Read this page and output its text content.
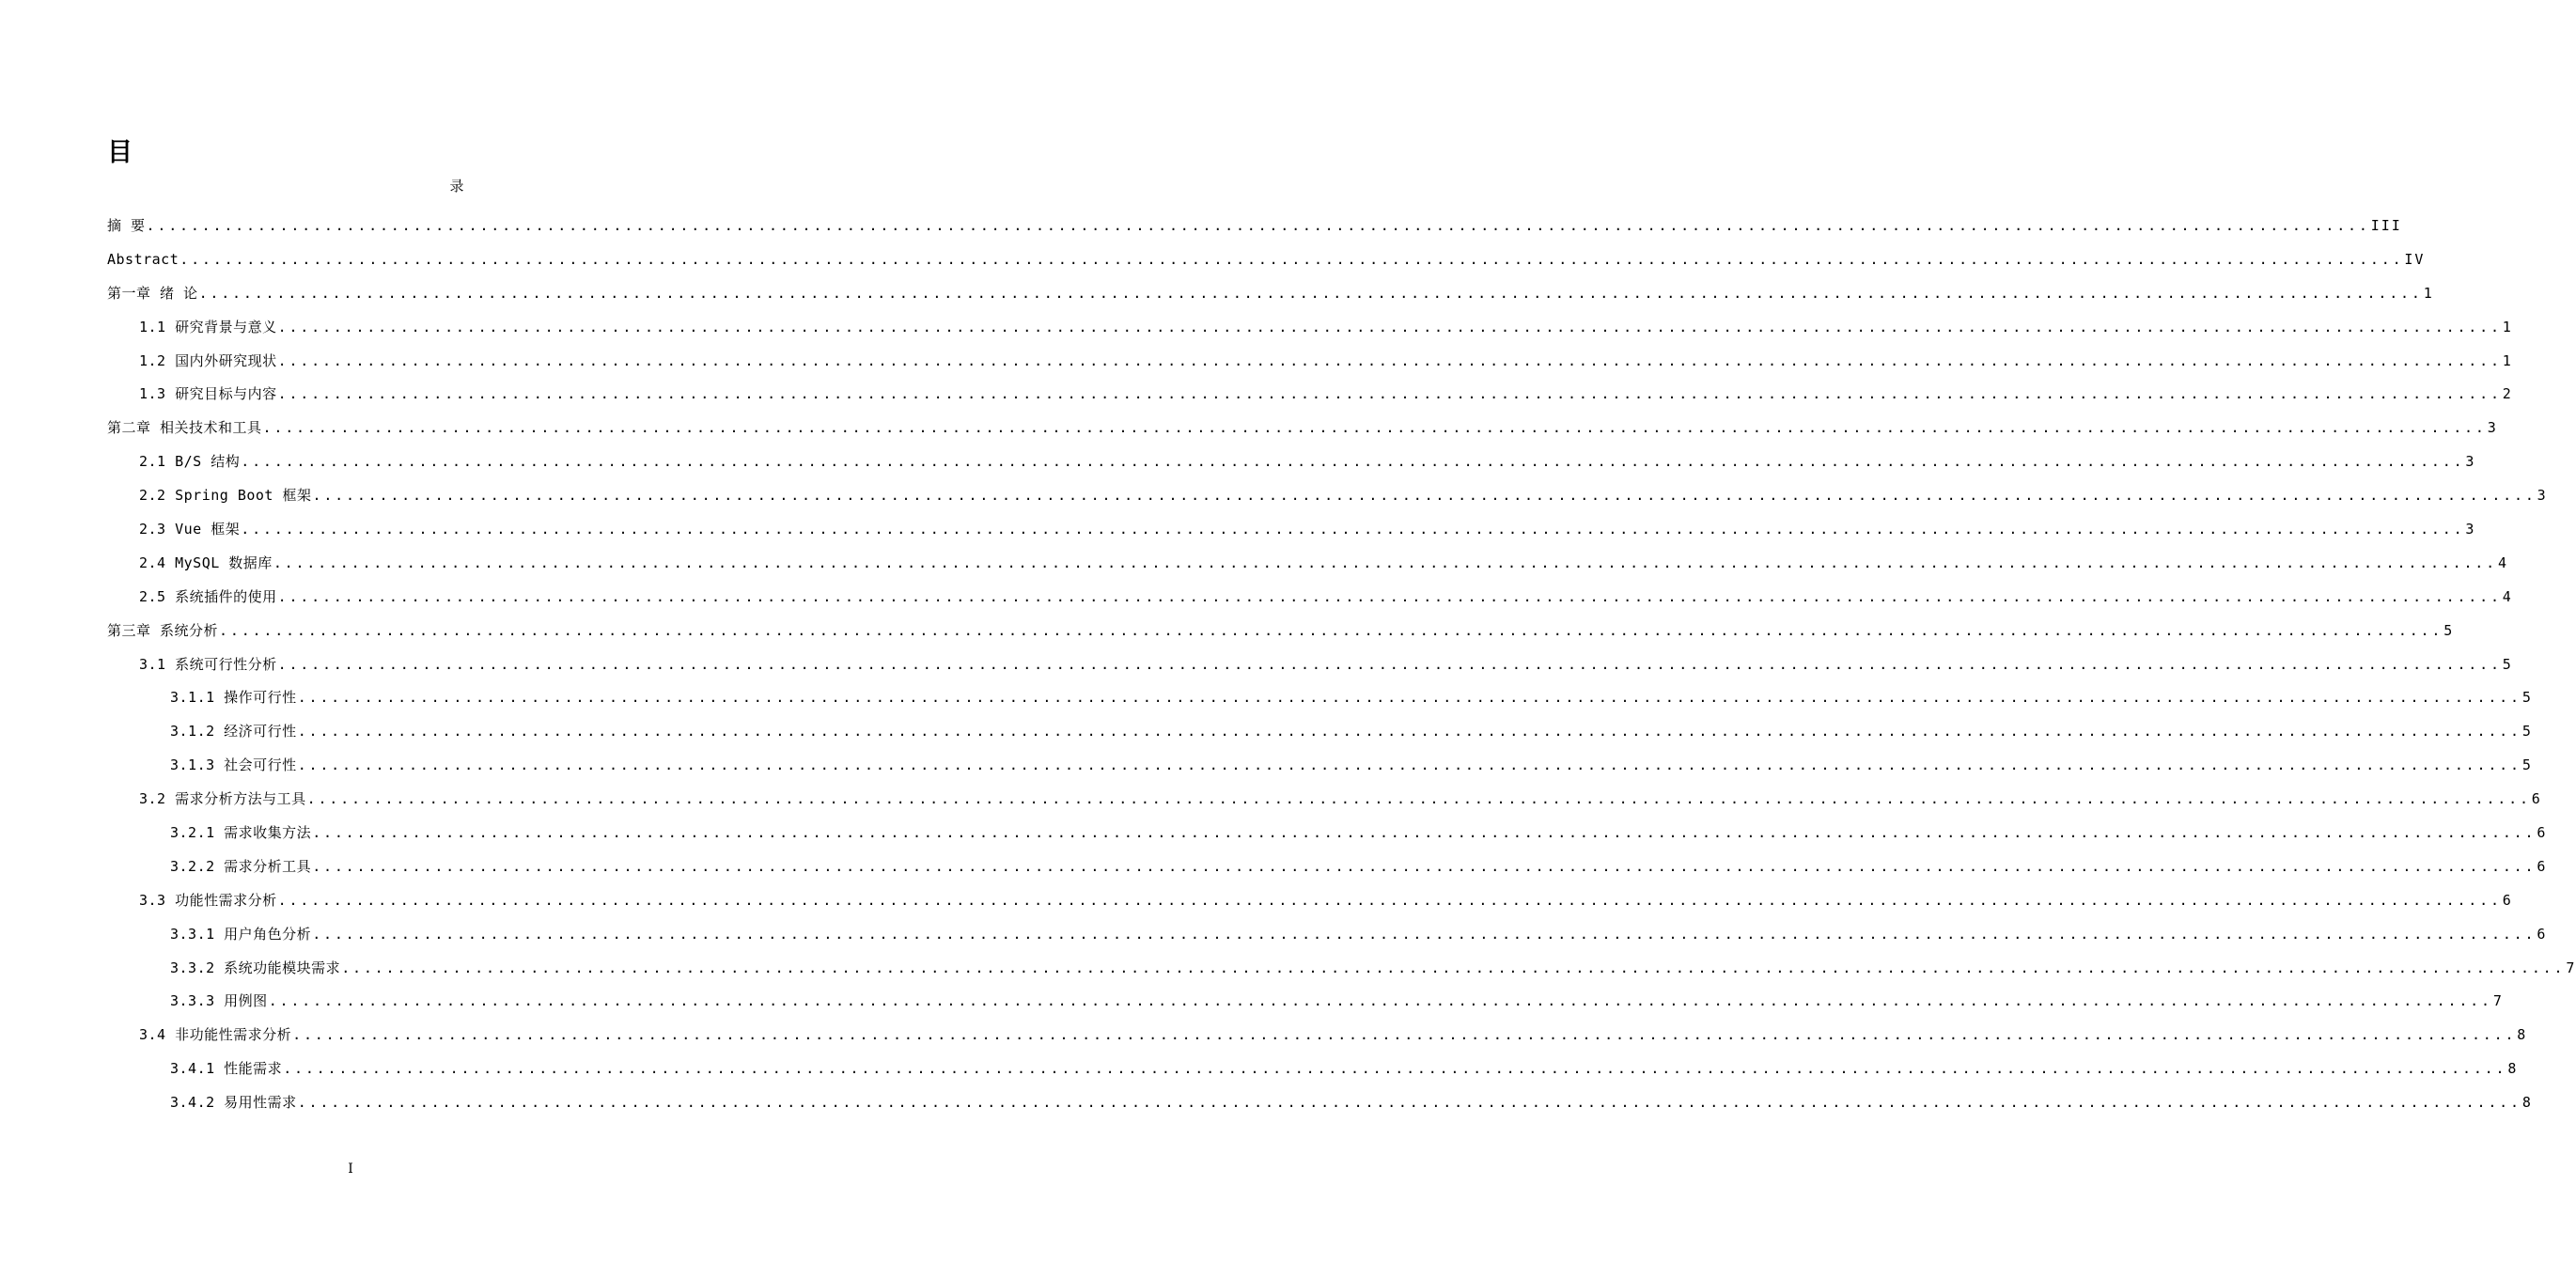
目
录
摘 要 ........................................................................................................................................................................................................ III
Abstract ........................................................................................................................................................................................................ IV
第一章 绪 论 ........................................................................................................................................................................................................ 1
1.1 研究背景与意义 ........................................................................................................................................................................................................ 1
1.2 国内外研究现状 ........................................................................................................................................................................................................ 1
1.3 研究目标与内容 ........................................................................................................................................................................................................ 2
第二章 相关技术和工具 ........................................................................................................................................................................................................ 3
2.1 B/S 结构 ........................................................................................................................................................................................................ 3
2.2 Spring Boot 框架 ........................................................................................................................................................................................................ 3
2.3 Vue 框架 ........................................................................................................................................................................................................ 3
2.4 MySQL 数据库 ........................................................................................................................................................................................................ 4
2.5 系统插件的使用 ........................................................................................................................................................................................................ 4
第三章 系统分析 ........................................................................................................................................................................................................ 5
3.1 系统可行性分析 ........................................................................................................................................................................................................ 5
3.1.1 操作可行性 ........................................................................................................................................................................................................ 5
3.1.2 经济可行性 ........................................................................................................................................................................................................ 5
3.1.3 社会可行性 ........................................................................................................................................................................................................ 5
3.2 需求分析方法与工具 ........................................................................................................................................................................................................ 6
3.2.1 需求收集方法 ........................................................................................................................................................................................................ 6
3.2.2 需求分析工具 ........................................................................................................................................................................................................ 6
3.3 功能性需求分析 ........................................................................................................................................................................................................ 6
3.3.1 用户角色分析 ........................................................................................................................................................................................................ 6
3.3.2 系统功能模块需求 ........................................................................................................................................................................................................ 7
3.3.3 用例图 ........................................................................................................................................................................................................ 7
3.4 非功能性需求分析 ........................................................................................................................................................................................................ 8
3.4.1 性能需求 ........................................................................................................................................................................................................ 8
3.4.2 易用性需求 ........................................................................................................................................................................................................ 8
I
